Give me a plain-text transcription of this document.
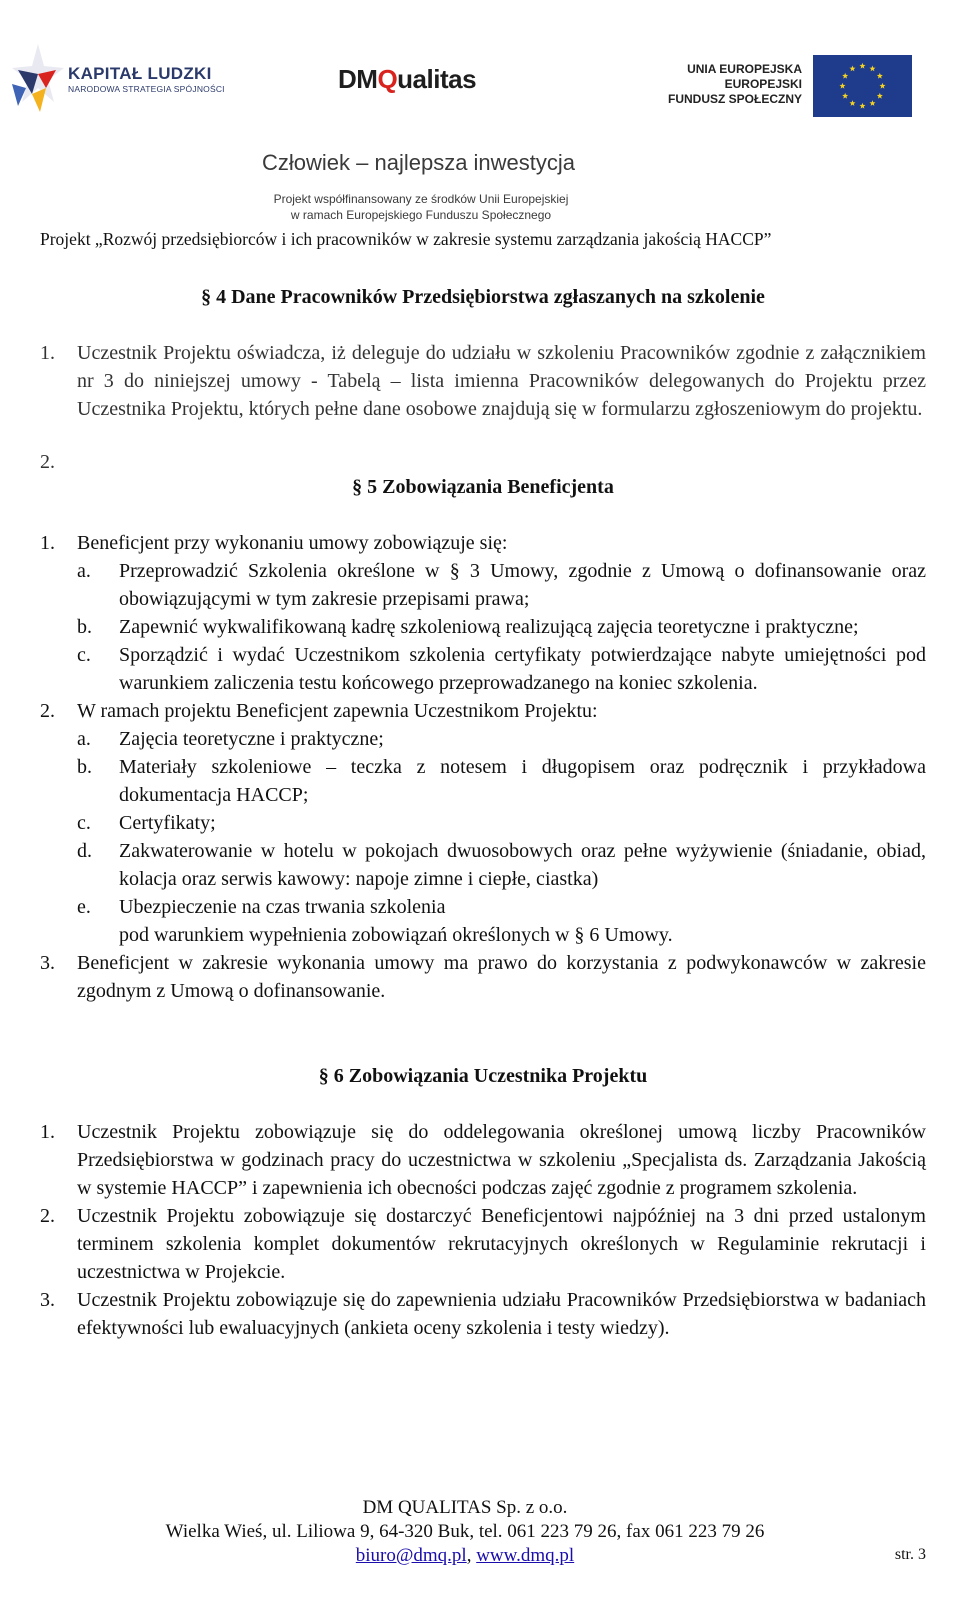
KAPITAŁ LUDZKI
NARODOWA STRATEGIA SPÓJNOŚCI	DMQualitas	UNIA EUROPEJSKA
EUROPEJSKI
FUNDUSZ SPOŁECZNY
Człowiek – najlepsza inwestycja
Projekt współfinansowany ze środków Unii Europejskiej
w ramach Europejskiego Funduszu Społecznego
Projekt „Rozwój przedsiębiorców i ich pracowników w zakresie systemu zarządzania jakością HACCP”
§ 4 Dane Pracowników Przedsiębiorstwa zgłaszanych na szkolenie
1. Uczestnik Projektu oświadcza, iż deleguje do udziału w szkoleniu Pracowników zgodnie z załącznikiem nr 3 do niniejszej umowy - Tabelą – lista imienna Pracowników delegowanych do Projektu przez Uczestnika Projektu, których pełne dane osobowe znajdują się w formularzu zgłoszeniowym do projektu.
2.
§ 5 Zobowiązania Beneficjenta
1. Beneficjent przy wykonaniu umowy zobowiązuje się:
a. Przeprowadzić Szkolenia określone w § 3 Umowy, zgodnie z Umową o dofinansowanie oraz obowiązującymi w tym zakresie przepisami prawa;
b. Zapewnić wykwalifikowaną kadrę szkoleniową realizującą zajęcia teoretyczne i praktyczne;
c. Sporządzić i wydać Uczestnikom szkolenia certyfikaty potwierdzające nabyte umiejętności pod warunkiem zaliczenia testu końcowego przeprowadzanego na koniec szkolenia.
2. W ramach projektu Beneficjent zapewnia Uczestnikom Projektu:
a. Zajęcia teoretyczne i praktyczne;
b. Materiały szkoleniowe – teczka z notesem i długopisem oraz podręcznik i przykładowa dokumentacja HACCP;
c. Certyfikaty;
d. Zakwaterowanie w hotelu w pokojach dwuosobowych oraz pełne wyżywienie (śniadanie, obiad, kolacja oraz serwis kawowy: napoje zimne i ciepłe, ciastka)
e. Ubezpieczenie na czas trwania szkolenia
pod warunkiem wypełnienia zobowiązań określonych w § 6 Umowy.
3. Beneficjent w zakresie wykonania umowy ma prawo do korzystania z podwykonawców w zakresie zgodnym z Umową o dofinansowanie.
§ 6 Zobowiązania Uczestnika Projektu
1. Uczestnik Projektu zobowiązuje się do oddelegowania określonej umową liczby Pracowników Przedsiębiorstwa w godzinach pracy do uczestnictwa w szkoleniu „Specjalista ds. Zarządzania Jakością w systemie HACCP” i zapewnienia ich obecności podczas zajęć zgodnie z programem szkolenia.
2. Uczestnik Projektu zobowiązuje się dostarczyć Beneficjentowi najpóźniej na 3 dni przed ustalonym terminem szkolenia komplet dokumentów rekrutacyjnych określonych w Regulaminie rekrutacji i uczestnictwa w Projekcie.
3. Uczestnik Projektu zobowiązuje się do zapewnienia udziału Pracowników Przedsiębiorstwa w badaniach efektywności lub ewaluacyjnych (ankieta oceny szkolenia i testy wiedzy).
DM QUALITAS Sp. z o.o.
Wielka Wieś, ul. Liliowa 9, 64-320 Buk, tel. 061 223 79 26, fax 061 223 79 26
biuro@dmq.pl, www.dmq.pl	str. 3
